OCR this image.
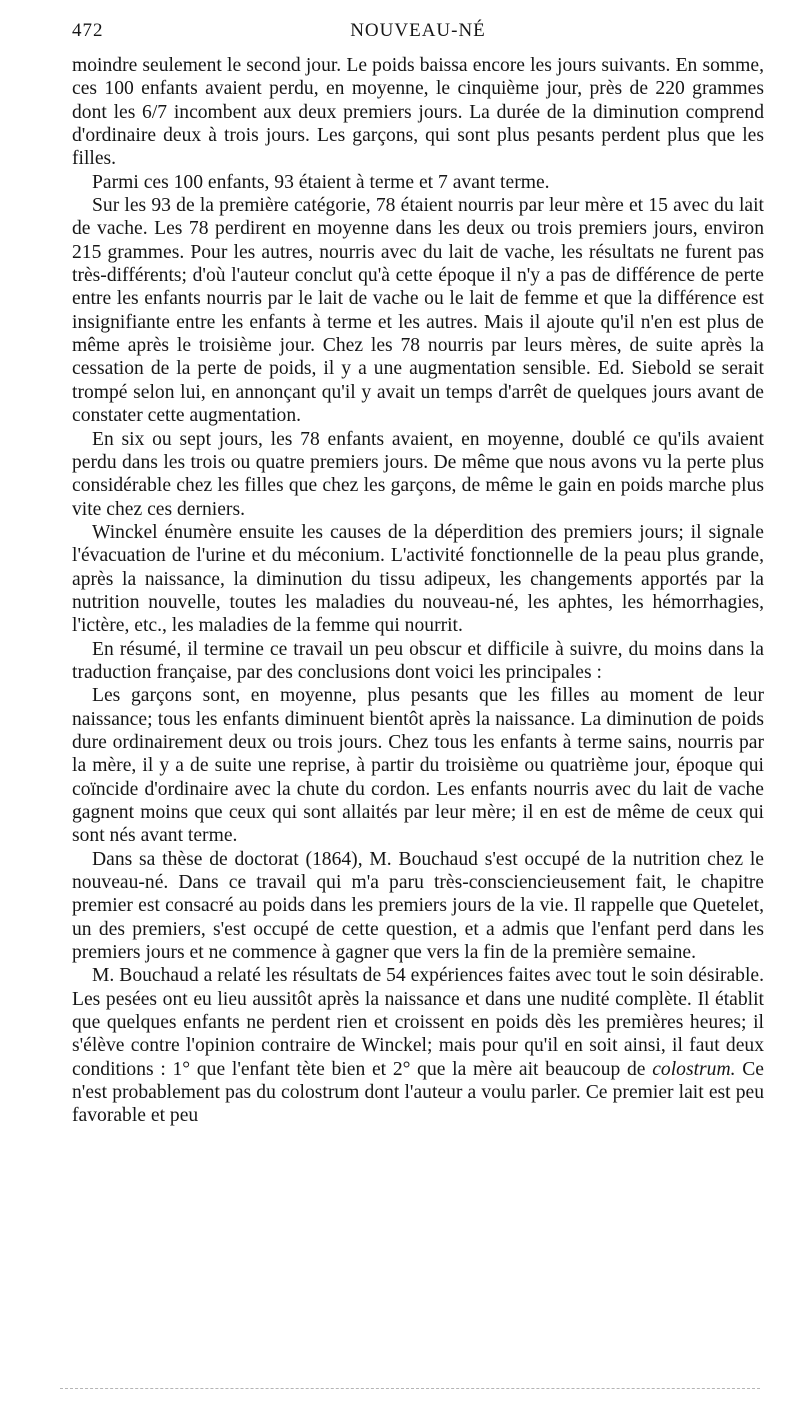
472	NOUVEAU-NÉ

moindre seulement le second jour. Le poids baissa encore les jours suivants. En somme, ces 100 enfants avaient perdu, en moyenne, le cinquième jour, près de 220 grammes dont les 6/7 incombent aux deux premiers jours. La durée de la diminution comprend d'ordinaire deux à trois jours. Les garçons, qui sont plus pesants perdent plus que les filles.

Parmi ces 100 enfants, 93 étaient à terme et 7 avant terme.

Sur les 93 de la première catégorie, 78 étaient nourris par leur mère et 15 avec du lait de vache. Les 78 perdirent en moyenne dans les deux ou trois premiers jours, environ 215 grammes. Pour les autres, nourris avec du lait de vache, les résultats ne furent pas très-différents; d'où l'auteur conclut qu'à cette époque il n'y a pas de différence de perte entre les enfants nourris par le lait de vache ou le lait de femme et que la différence est insignifiante entre les enfants à terme et les autres. Mais il ajoute qu'il n'en est plus de même après le troisième jour. Chez les 78 nourris par leurs mères, de suite après la cessation de la perte de poids, il y a une augmentation sensible. Ed. Siebold se serait trompé selon lui, en annonçant qu'il y avait un temps d'arrêt de quelques jours avant de constater cette augmentation.

En six ou sept jours, les 78 enfants avaient, en moyenne, doublé ce qu'ils avaient perdu dans les trois ou quatre premiers jours. De même que nous avons vu la perte plus considérable chez les filles que chez les garçons, de même le gain en poids marche plus vite chez ces derniers.

Winckel énumère ensuite les causes de la déperdition des premiers jours; il signale l'évacuation de l'urine et du méconium. L'activité fonctionnelle de la peau plus grande, après la naissance, la diminution du tissu adipeux, les changements apportés par la nutrition nouvelle, toutes les maladies du nouveau-né, les aphtes, les hémorrhagies, l'ictère, etc., les maladies de la femme qui nourrit.

En résumé, il termine ce travail un peu obscur et difficile à suivre, du moins dans la traduction française, par des conclusions dont voici les principales :

Les garçons sont, en moyenne, plus pesants que les filles au moment de leur naissance; tous les enfants diminuent bientôt après la naissance. La diminution de poids dure ordinairement deux ou trois jours. Chez tous les enfants à terme sains, nourris par la mère, il y a de suite une reprise, à partir du troisième ou quatrième jour, époque qui coïncide d'ordinaire avec la chute du cordon. Les enfants nourris avec du lait de vache gagnent moins que ceux qui sont allaités par leur mère; il en est de même de ceux qui sont nés avant terme.

Dans sa thèse de doctorat (1864), M. Bouchaud s'est occupé de la nutrition chez le nouveau-né. Dans ce travail qui m'a paru très-consciencieusement fait, le chapitre premier est consacré au poids dans les premiers jours de la vie. Il rappelle que Quetelet, un des premiers, s'est occupé de cette question, et a admis que l'enfant perd dans les premiers jours et ne commence à gagner que vers la fin de la première semaine.

M. Bouchaud a relaté les résultats de 54 expériences faites avec tout le soin désirable. Les pesées ont eu lieu aussitôt après la naissance et dans une nudité complète. Il établit que quelques enfants ne perdent rien et croissent en poids dès les premières heures; il s'élève contre l'opinion contraire de Winckel; mais pour qu'il en soit ainsi, il faut deux conditions : 1° que l'enfant tète bien et 2° que la mère ait beaucoup de colostrum. Ce n'est probablement pas du colostrum dont l'auteur a voulu parler. Ce premier lait est peu favorable et peu
